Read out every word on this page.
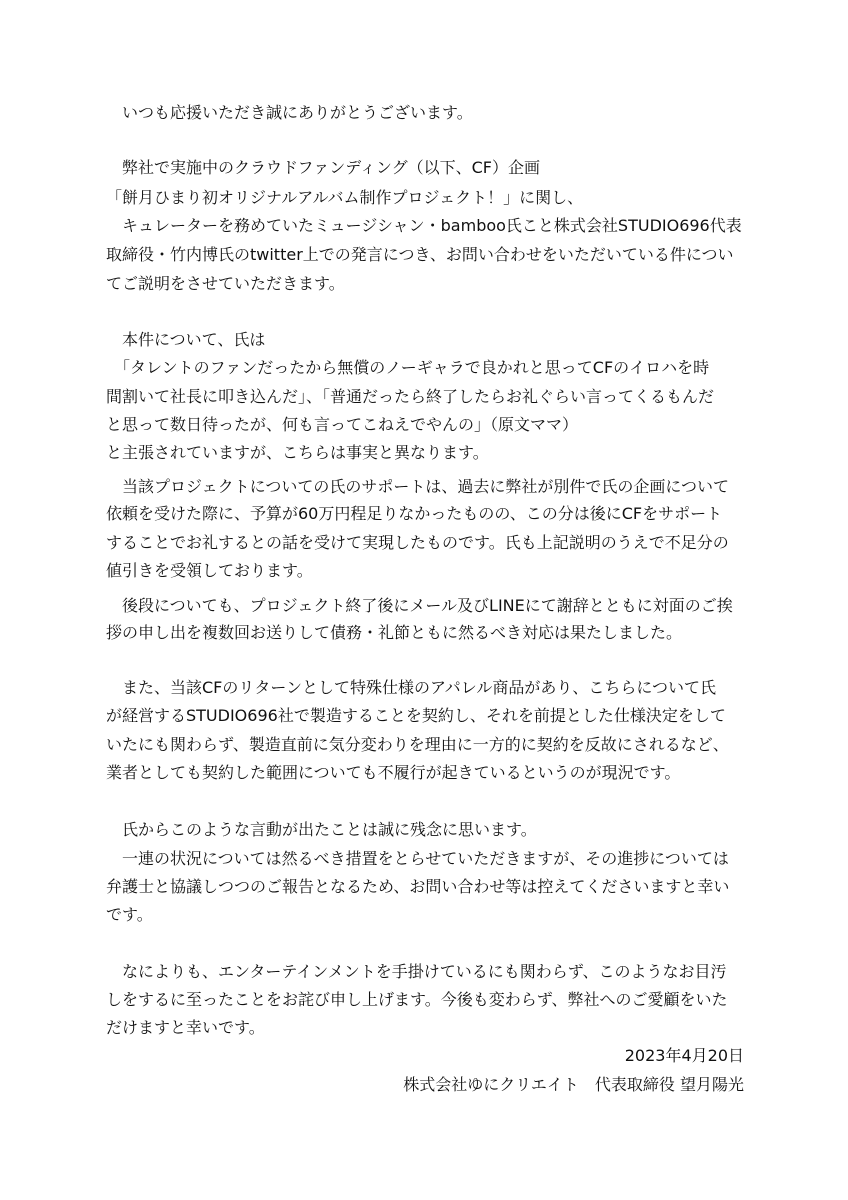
　いつも応援いただき誠にありがとうございます。
　弊社で実施中のクラウドファンディング（以下、CF）企画
「餅月ひまり初オリジナルアルバム制作プロジェクト！」に関し、
　キュレーターを務めていたミュージシャン・bamboo氏こと株式会社STUDIO696代表
取締役・竹内博氏のtwitter上での発言につき、お問い合わせをいただいている件につい
てご説明をさせていただきます。
　本件について、氏は
　「タレントのファンだったから無償のノーギャラで良かれと思ってCFのイロハを時
間割いて社長に叩き込んだ」、「普通だったら終了したらお礼ぐらい言ってくるもんだ
と思って数日待ったが、何も言ってこねえでやんの」（原文ママ）
と主張されていますが、こちらは事実と異なります。
　当該プロジェクトについての氏のサポートは、過去に弊社が別件で氏の企画について
依頼を受けた際に、予算が60万円程足りなかったものの、この分は後にCFをサポート
することでお礼するとの話を受けて実現したものです。氏も上記説明のうえで不足分の
値引きを受領しております。
　後段についても、プロジェクト終了後にメール及びLINEにて謝辞とともに対面のご挨
拶の申し出を複数回お送りして債務・礼節ともに然るべき対応は果たしました。
　また、当該CFのリターンとして特殊仕様のアパレル商品があり、こちらについて氏
が経営するSTUDIO696社で製造することを契約し、それを前提とした仕様決定をして
いたにも関わらず、製造直前に気分変わりを理由に一方的に契約を反故にされるなど、
業者としても契約した範囲についても不履行が起きているというのが現況です。
　氏からこのような言動が出たことは誠に残念に思います。
　一連の状況については然るべき措置をとらせていただきますが、その進捗については
弁護士と協議しつつのご報告となるため、お問い合わせ等は控えてくださいますと幸い
です。
　なによりも、エンターテインメントを手掛けているにも関わらず、このようなお目汚
しをするに至ったことをお詫び申し上げます。今後も変わらず、弊社へのご愛顧をいた
だけますと幸いです。
2023年4月20日
株式会社ゆにクリエイト　代表取締役 望月陽光
